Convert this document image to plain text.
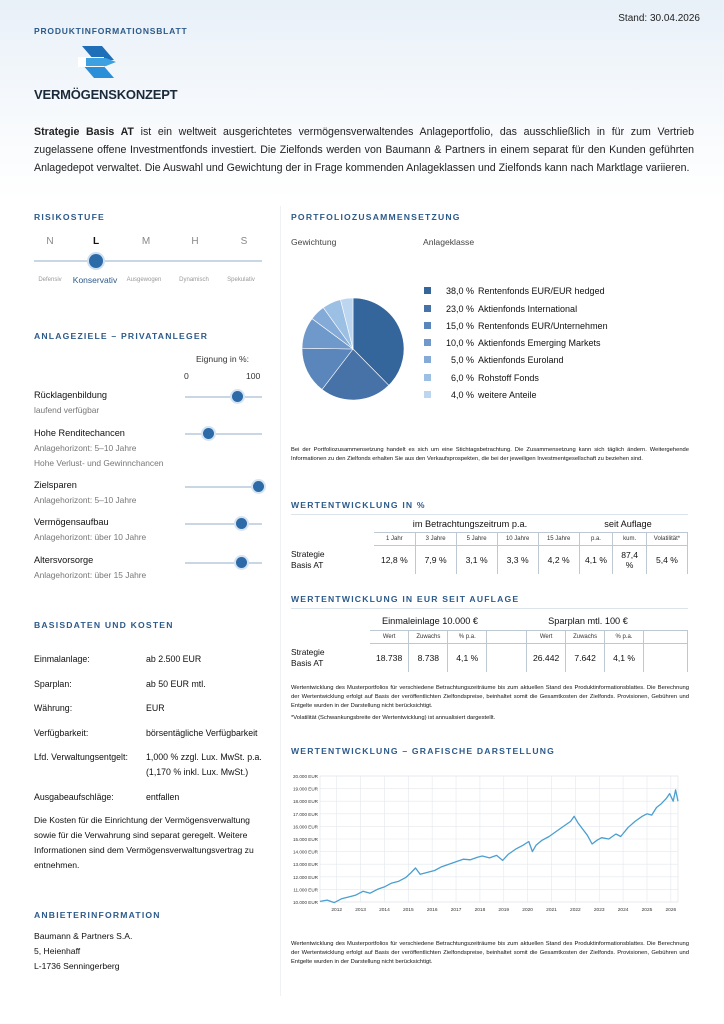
PRODUKTINFORMATIONSBLATT
Stand: 30.04.2026
VERMÖGENSKONZEPT
Strategie Basis AT ist ein weltweit ausgerichtetes vermögensverwaltendes Anlageportfolio, das ausschließlich in für zum Vertrieb zugelassene offene Investmentfonds investiert. Die Zielfonds werden von Baumann & Partners in einem separat für den Kunden geführten Anlagedepot verwaltet. Die Auswahl und Gewichtung der in Frage kommenden Anlageklassen und Zielfonds kann nach Marktlage variieren.
RISIKOSTUFE
N	L	M	H	S
Defensiv	Konservativ	Ausgewogen	Dynamisch	Spekulativ
ANLAGEZIELE – PRIVATANLEGER
Eignung in %:
0	100
Rücklagenbildung
laufend verfügbar
Hohe Renditechancen
Anlagehorizont: 5–10 Jahre
Hohe Verlust- und Gewinnchancen
Zielsparen
Anlagehorizont: 5–10 Jahre
Vermögensaufbau
Anlagehorizont: über 10 Jahre
Altersvorsorge
Anlagehorizont: über 15 Jahre
BASISDATEN UND KOSTEN
Einmalanlage:	ab 2.500 EUR
Sparplan:	ab 50 EUR mtl.
Währung:	EUR
Verfügbarkeit:	börsentägliche Verfügbarkeit
Lfd. Verwaltungsentgelt: 1,000 % zzgl. Lux. MwSt. p.a.
(1,170 % inkl. Lux. MwSt.)
Ausgabeaufschläge:	entfallen
Die Kosten für die Einrichtung der Vermögensverwaltung sowie für die Verwahrung sind separat geregelt. Weitere Informationen sind dem Vermögensverwaltungsvertrag zu entnehmen.
ANBIETERINFORMATION
Baumann & Partners S.A.
5, Heienhaff
L-1736 Senningerberg
PORTFOLIOZUSAMMENSETZUNG
Gewichtung	Anlageklasse
38,0 % Rentenfonds EUR/EUR hedged
23,0 % Aktienfonds International
15,0 % Rentenfonds EUR/Unternehmen
10,0 % Aktienfonds Emerging Markets
5,0 % Aktienfonds Euroland
6,0 % Rohstoff Fonds
4,0 % weitere Anteile
Bei der Portfoliozusammensetzung handelt es sich um eine Stichtagsbetrachtung. Die Zusammensetzung kann sich täglich ändern. Weitergehende Informationen zu den Zielfonds erhalten Sie aus den Verkaufsprospekten, die bei der jeweiligen Investmentgesellschaft zu beziehen sind.
WERTENTWICKLUNG IN %
im Betrachtungszeitrum p.a.	seit Auflage
	1 Jahr	3 Jahre	5 Jahre	10 Jahre	15 Jahre	p.a.	kum.	Volatilität*
Strategie
Basis AT	12,8 %	7,9 %	3,1 %	3,3 %	4,2 %	4,1 %	87,4 %	5,4 %
WERTENTWICKLUNG IN EUR SEIT AUFLAGE
Einmaleinlage 10.000 €	Sparplan mtl. 100 €
	Wert	Zuwachs	% p.a.		Wert	Zuwachs	% p.a.	
Strategie
Basis AT	18.738	8.738	4,1 %		26.442	7.642	4,1 %	
Wertentwicklung des Musterportfolios für verschiedene Betrachtungszeiträume bis zum aktuellen Stand des Produktinformationsblattes. Die Berechnung der Wertentwicklung erfolgt auf Basis der veröffentlichten Zielfondspreise, beinhaltet somit die Gesamtkosten der Zielfonds. Provisionen, Gebühren und Entgelte wurden in der Darstellung nicht berücksichtigt.
*Volatilität (Schwankungsbreite der Wertentwicklung) ist annualisiert dargestellt.
WERTENTWICKLUNG – GRAFISCHE DARSTELLUNG
10.000 EUR
11.000 EUR
12.000 EUR
13.000 EUR
14.000 EUR
15.000 EUR
16.000 EUR
17.000 EUR
18.000 EUR
19.000 EUR
20.000 EUR
2012	2013	2014	2015	2016	2017	2018	2019	2020	2021	2022	2023	2024	2025	2026
Wertentwicklung des Musterportfolios für verschiedene Betrachtungszeiträume bis zum aktuellen Stand des Produktinformationsblattes. Die Berechnung der Wertentwicklung erfolgt auf Basis der veröffentlichten Zielfondspreise, beinhaltet somit die Gesamtkosten der Zielfonds. Provisionen, Gebühren und Entgelte wurden in der Darstellung nicht berücksichtigt.
